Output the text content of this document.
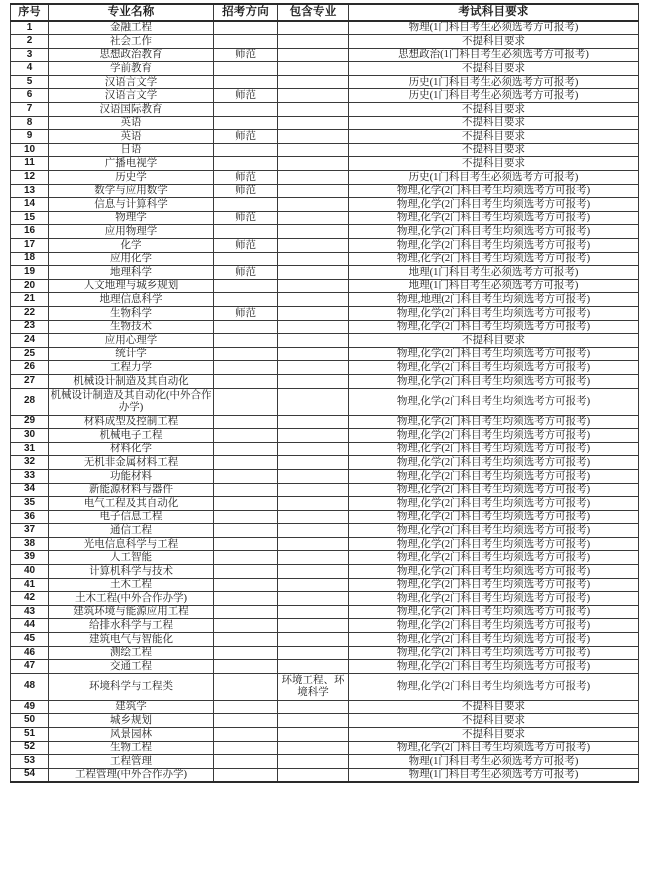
序号	专业名称	招考方向	包含专业	考试科目要求
1	金融工程			物理(1门科目考生必须选考方可报考)
2	社会工作			不提科目要求
3	思想政治教育	师范		思想政治(1门科目考生必须选考方可报考)
4	学前教育			不提科目要求
5	汉语言文学			历史(1门科目考生必须选考方可报考)
6	汉语言文学	师范		历史(1门科目考生必须选考方可报考)
7	汉语国际教育			不提科目要求
8	英语			不提科目要求
9	英语	师范		不提科目要求
10	日语			不提科目要求
11	广播电视学			不提科目要求
12	历史学	师范		历史(1门科目考生必须选考方可报考)
13	数学与应用数学	师范		物理,化学(2门科目考生均须选考方可报考)
14	信息与计算科学			物理,化学(2门科目考生均须选考方可报考)
15	物理学	师范		物理,化学(2门科目考生均须选考方可报考)
16	应用物理学			物理,化学(2门科目考生均须选考方可报考)
17	化学	师范		物理,化学(2门科目考生均须选考方可报考)
18	应用化学			物理,化学(2门科目考生均须选考方可报考)
19	地理科学	师范		地理(1门科目考生必须选考方可报考)
20	人文地理与城乡规划			地理(1门科目考生必须选考方可报考)
21	地理信息科学			物理,地理(2门科目考生均须选考方可报考)
22	生物科学	师范		物理,化学(2门科目考生均须选考方可报考)
23	生物技术			物理,化学(2门科目考生均须选考方可报考)
24	应用心理学			不提科目要求
25	统计学			物理,化学(2门科目考生均须选考方可报考)
26	工程力学			物理,化学(2门科目考生均须选考方可报考)
27	机械设计制造及其自动化			物理,化学(2门科目考生均须选考方可报考)
28	机械设计制造及其自动化(中外合作办学)			物理,化学(2门科目考生均须选考方可报考)
29	材料成型及控制工程			物理,化学(2门科目考生均须选考方可报考)
30	机械电子工程			物理,化学(2门科目考生均须选考方可报考)
31	材料化学			物理,化学(2门科目考生均须选考方可报考)
32	无机非金属材料工程			物理,化学(2门科目考生均须选考方可报考)
33	功能材料			物理,化学(2门科目考生均须选考方可报考)
34	新能源材料与器件			物理,化学(2门科目考生均须选考方可报考)
35	电气工程及其自动化			物理,化学(2门科目考生均须选考方可报考)
36	电子信息工程			物理,化学(2门科目考生均须选考方可报考)
37	通信工程			物理,化学(2门科目考生均须选考方可报考)
38	光电信息科学与工程			物理,化学(2门科目考生均须选考方可报考)
39	人工智能			物理,化学(2门科目考生均须选考方可报考)
40	计算机科学与技术			物理,化学(2门科目考生均须选考方可报考)
41	土木工程			物理,化学(2门科目考生均须选考方可报考)
42	土木工程(中外合作办学)			物理,化学(2门科目考生均须选考方可报考)
43	建筑环境与能源应用工程			物理,化学(2门科目考生均须选考方可报考)
44	给排水科学与工程			物理,化学(2门科目考生均须选考方可报考)
45	建筑电气与智能化			物理,化学(2门科目考生均须选考方可报考)
46	测绘工程			物理,化学(2门科目考生均须选考方可报考)
47	交通工程			物理,化学(2门科目考生均须选考方可报考)
48	环境科学与工程类		环境工程、环境科学	物理,化学(2门科目考生均须选考方可报考)
49	建筑学			不提科目要求
50	城乡规划			不提科目要求
51	风景园林			不提科目要求
52	生物工程			物理,化学(2门科目考生均须选考方可报考)
53	工程管理			物理(1门科目考生必须选考方可报考)
54	工程管理(中外合作办学)			物理(1门科目考生必须选考方可报考)
